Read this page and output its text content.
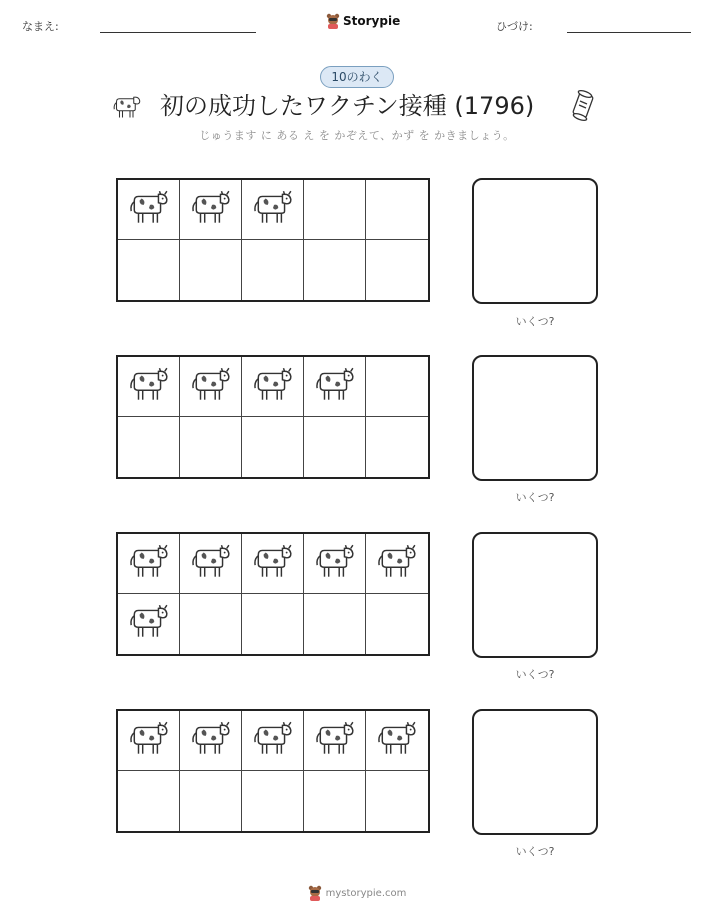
なまえ:	Storypie	ひづけ:
10のわく
初の成功したワクチン接種 (1796)
じゅうます に ある え を かぞえて、かず を かきましょう。
いくつ?
いくつ?
いくつ?
いくつ?
mystorypie.com
